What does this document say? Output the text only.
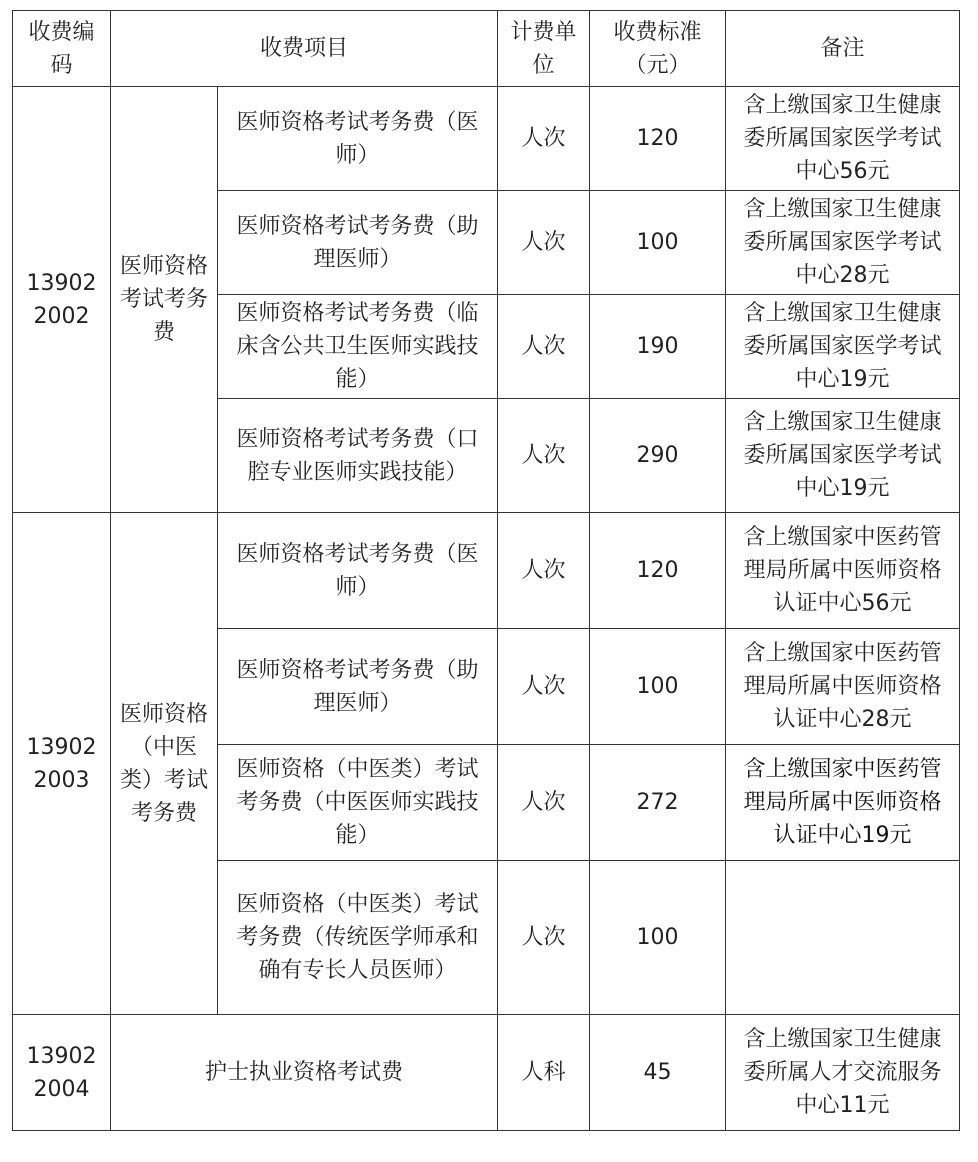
收费编码	收费项目		计费单位	收费标准（元）	备注
13902 2002	医师资格考试考务费	医师资格考试考务费（医师）	人次	120	含上缴国家卫生健康委所属国家医学考试中心56元
		医师资格考试考务费（助理医师）	人次	100	含上缴国家卫生健康委所属国家医学考试中心28元
		医师资格考试考务费（临床含公共卫生医师实践技能）	人次	190	含上缴国家卫生健康委所属国家医学考试中心19元
		医师资格考试考务费（口腔专业医师实践技能）	人次	290	含上缴国家卫生健康委所属国家医学考试中心19元
13902 2003	医师资格（中医类）考试考务费	医师资格考试考务费（医师）	人次	120	含上缴国家中医药管理局所属中医师资格认证中心56元
		医师资格考试考务费（助理医师）	人次	100	含上缴国家中医药管理局所属中医师资格认证中心28元
		医师资格（中医类）考试考务费（中医医师实践技能）	人次	272	含上缴国家中医药管理局所属中医师资格认证中心19元
		医师资格（中医类）考试考务费（传统医学师承和确有专长人员医师）	人次	100	
13902 2004	护士执业资格考试费		人科	45	含上缴国家卫生健康委所属人才交流服务中心11元
